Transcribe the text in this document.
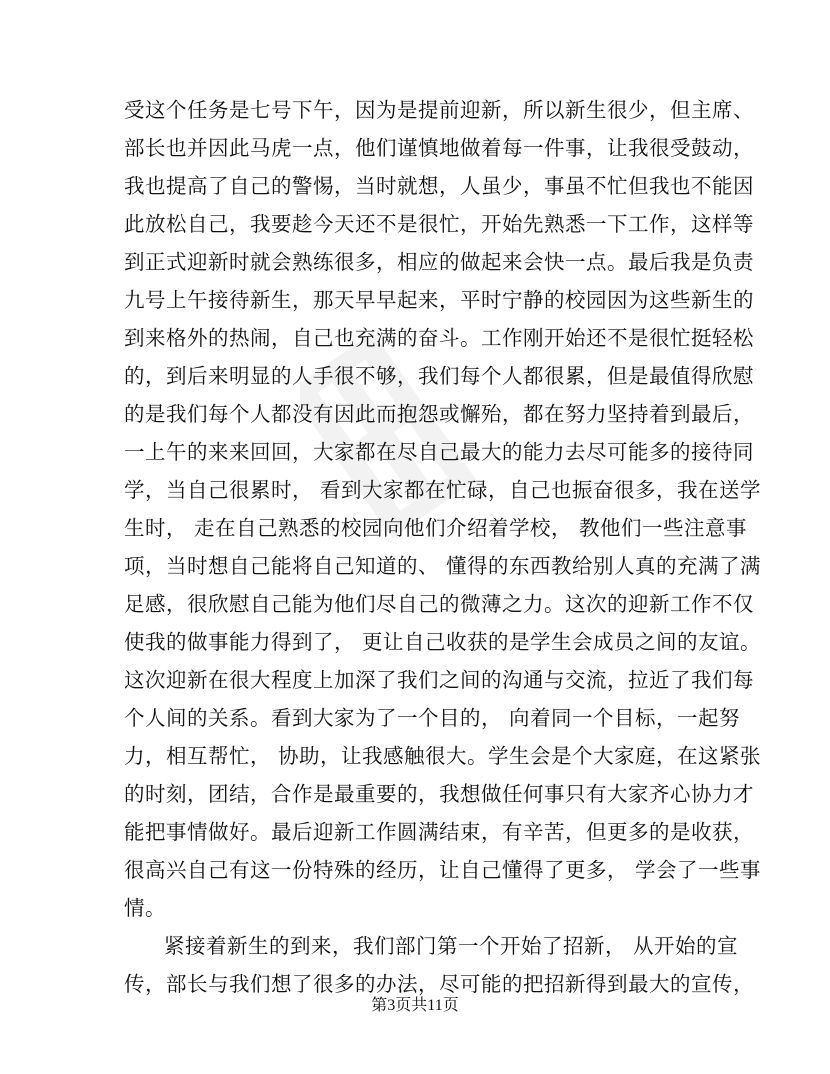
受这个任务是七号下午，因为是提前迎新，所以新生很少，但主席、
部长也并因此马虎一点，他们谨慎地做着每一件事，让我很受鼓动，
我也提高了自己的警惕，当时就想，人虽少，事虽不忙但我也不能因
此放松自己，我要趁今天还不是很忙，开始先熟悉一下工作，这样等
到正式迎新时就会熟练很多，相应的做起来会快一点。最后我是负责
九号上午接待新生，那天早早起来，平时宁静的校园因为这些新生的
到来格外的热闹，自己也充满的奋斗。工作刚开始还不是很忙挺轻松
的，到后来明显的人手很不够，我们每个人都很累，但是最值得欣慰
的是我们每个人都没有因此而抱怨或懈殆，都在努力坚持着到最后，
一上午的来来回回，大家都在尽自己最大的能力去尽可能多的接待同
学，当自己很累时， 看到大家都在忙碌，自己也振奋很多，我在送学
生时， 走在自己熟悉的校园向他们介绍着学校， 教他们一些注意事
项，当时想自己能将自己知道的、 懂得的东西教给别人真的充满了满
足感，很欣慰自己能为他们尽自己的微薄之力。这次的迎新工作不仅
使我的做事能力得到了， 更让自己收获的是学生会成员之间的友谊。
这次迎新在很大程度上加深了我们之间的沟通与交流，拉近了我们每
个人间的关系。看到大家为了一个目的， 向着同一个目标，一起努
力，相互帮忙， 协助，让我感触很大。学生会是个大家庭，在这紧张
的时刻，团结，合作是最重要的，我想做任何事只有大家齐心协力才
能把事情做好。最后迎新工作圆满结束，有辛苦，但更多的是收获，
很高兴自己有这一份特殊的经历，让自己懂得了更多， 学会了一些事
情。
紧接着新生的到来，我们部门第一个开始了招新， 从开始的宣
传，部长与我们想了很多的办法，尽可能的把招新得到最大的宣传，
第3页共11页
